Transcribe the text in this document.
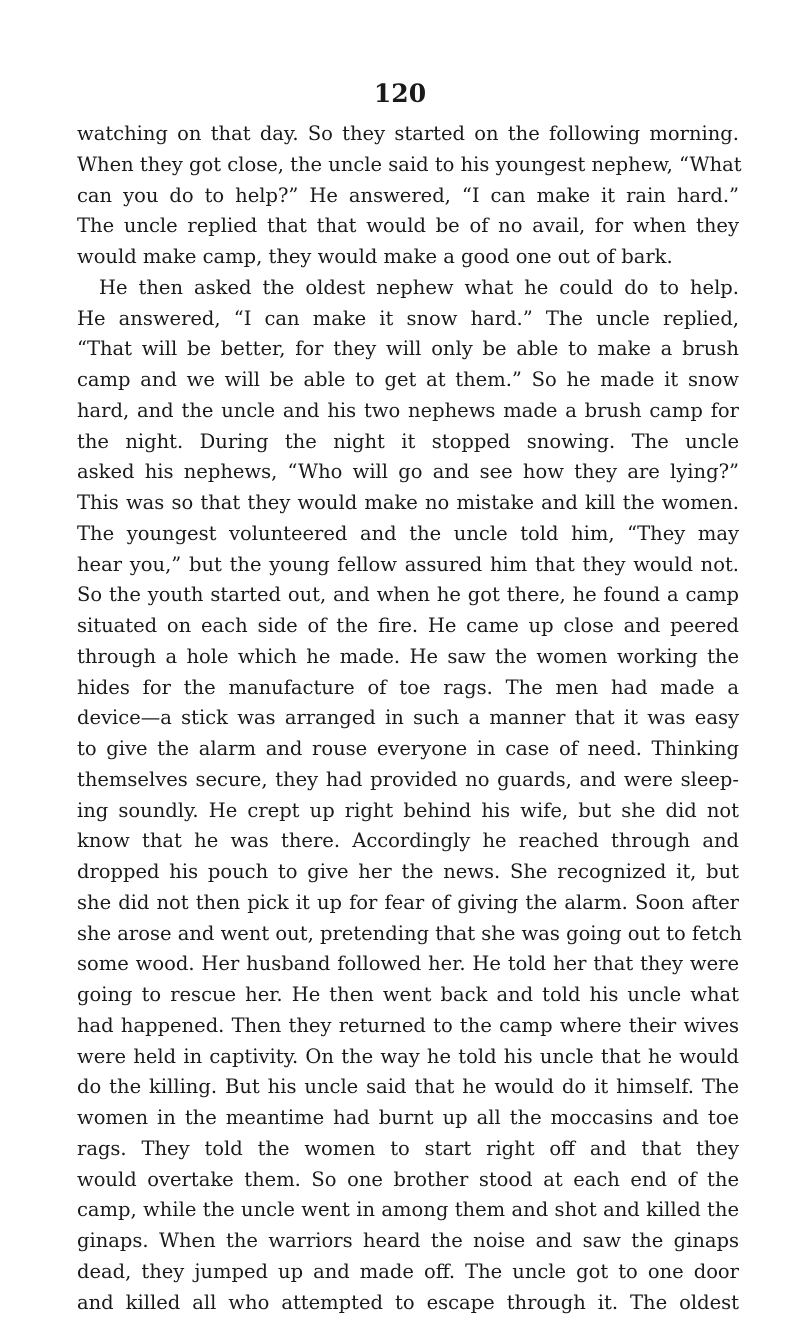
120
watching on that day. So they started on the following morning.
When they got close, the uncle said to his youngest nephew, “What
can you do to help?” He answered, “I can make it rain hard.”
The uncle replied that that would be of no avail, for when they
would make camp, they would make a good one out of bark.
He then asked the oldest nephew what he could do to help.
He answered, “I can make it snow hard.” The uncle replied,
“That will be better, for they will only be able to make a brush
camp and we will be able to get at them.” So he made it snow
hard, and the uncle and his two nephews made a brush camp for
the night. During the night it stopped snowing. The uncle
asked his nephews, “Who will go and see how they are lying?”
This was so that they would make no mistake and kill the women.
The youngest volunteered and the uncle told him, “They may
hear you,” but the young fellow assured him that they would not.
So the youth started out, and when he got there, he found a camp
situated on each side of the fire. He came up close and peered
through a hole which he made. He saw the women working the
hides for the manufacture of toe rags. The men had made a
device—a stick was arranged in such a manner that it was easy
to give the alarm and rouse everyone in case of need. Thinking
themselves secure, they had provided no guards, and were sleep-
ing soundly. He crept up right behind his wife, but she did not
know that he was there. Accordingly he reached through and
dropped his pouch to give her the news. She recognized it, but
she did not then pick it up for fear of giving the alarm. Soon after
she arose and went out, pretending that she was going out to fetch
some wood. Her husband followed her. He told her that they were
going to rescue her. He then went back and told his uncle what
had happened. Then they returned to the camp where their wives
were held in captivity. On the way he told his uncle that he would
do the killing. But his uncle said that he would do it himself. The
women in the meantime had burnt up all the moccasins and toe
rags. They told the women to start right off and that they
would overtake them. So one brother stood at each end of the
camp, while the uncle went in among them and shot and killed the
ginaps. When the warriors heard the noise and saw the ginaps
dead, they jumped up and made off. The uncle got to one door
and killed all who attempted to escape through it. The oldest
